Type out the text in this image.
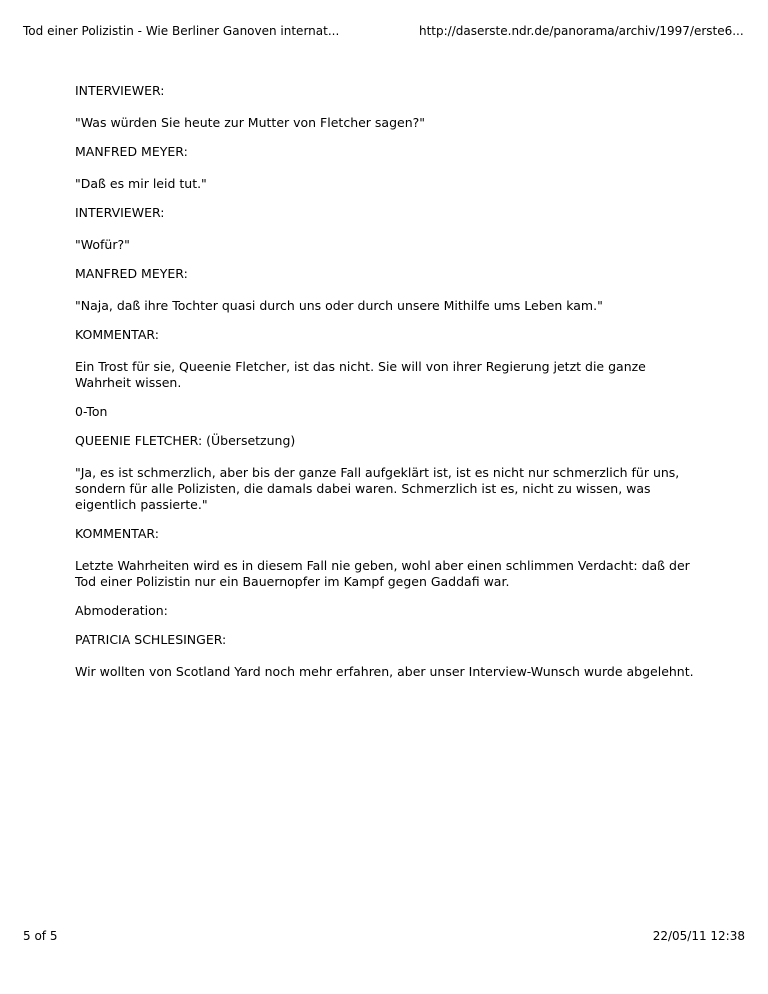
Tod einer Polizistin - Wie Berliner Ganoven internat...	http://daserste.ndr.de/panorama/archiv/1997/erste6...

INTERVIEWER:

"Was würden Sie heute zur Mutter von Fletcher sagen?"

MANFRED MEYER:

"Daß es mir leid tut."

INTERVIEWER:

"Wofür?"

MANFRED MEYER:

"Naja, daß ihre Tochter quasi durch uns oder durch unsere Mithilfe ums Leben kam."

KOMMENTAR:

Ein Trost für sie, Queenie Fletcher, ist das nicht. Sie will von ihrer Regierung jetzt die ganze Wahrheit wissen.

0-Ton

QUEENIE FLETCHER: (Übersetzung)

"Ja, es ist schmerzlich, aber bis der ganze Fall aufgeklärt ist, ist es nicht nur schmerzlich für uns, sondern für alle Polizisten, die damals dabei waren. Schmerzlich ist es, nicht zu wissen, was eigentlich passierte."

KOMMENTAR:

Letzte Wahrheiten wird es in diesem Fall nie geben, wohl aber einen schlimmen Verdacht: daß der Tod einer Polizistin nur ein Bauernopfer im Kampf gegen Gaddafi war.

Abmoderation:

PATRICIA SCHLESINGER:

Wir wollten von Scotland Yard noch mehr erfahren, aber unser Interview-Wunsch wurde abgelehnt.

5 of 5	22/05/11 12:38
